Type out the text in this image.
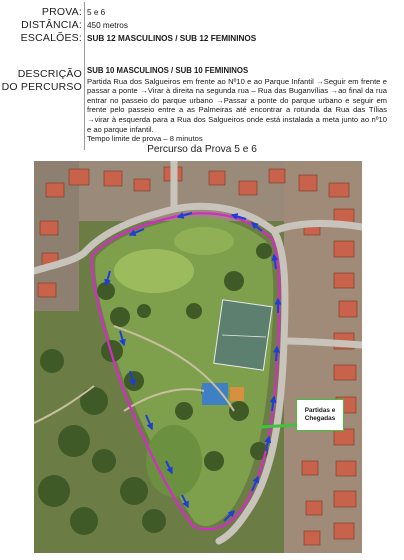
PROVA: 5 e 6
DISTÂNCIA: 450 metros
ESCALÕES: SUB 12 MASCULINOS / SUB 12 FEMININOS
DESCRIÇÃO
DO PERCURSO
SUB 10 MASCULINOS / SUB 10 FEMININOS

Partida Rua dos Salgueiros em frente ao Nº10 e ao Parque Infantil →Seguir em frente e passar a ponte →Virar à direita na segunda rua – Rua das Buganvílias →ao final da rua entrar no passeio do parque urbano →Passar a ponte do parque urbano e seguir em frente pelo passeio entre a as Palmeiras até encontrar a rotunda da Rua das Tílias →virar à esquerda para a Rua dos Salgueiros onde está instalada a meta junto ao nº10 e ao parque infantil.

Tempo limite de prova – 8 minutos

Percurso da Prova 5 e 6
Partidas e Chegadas
